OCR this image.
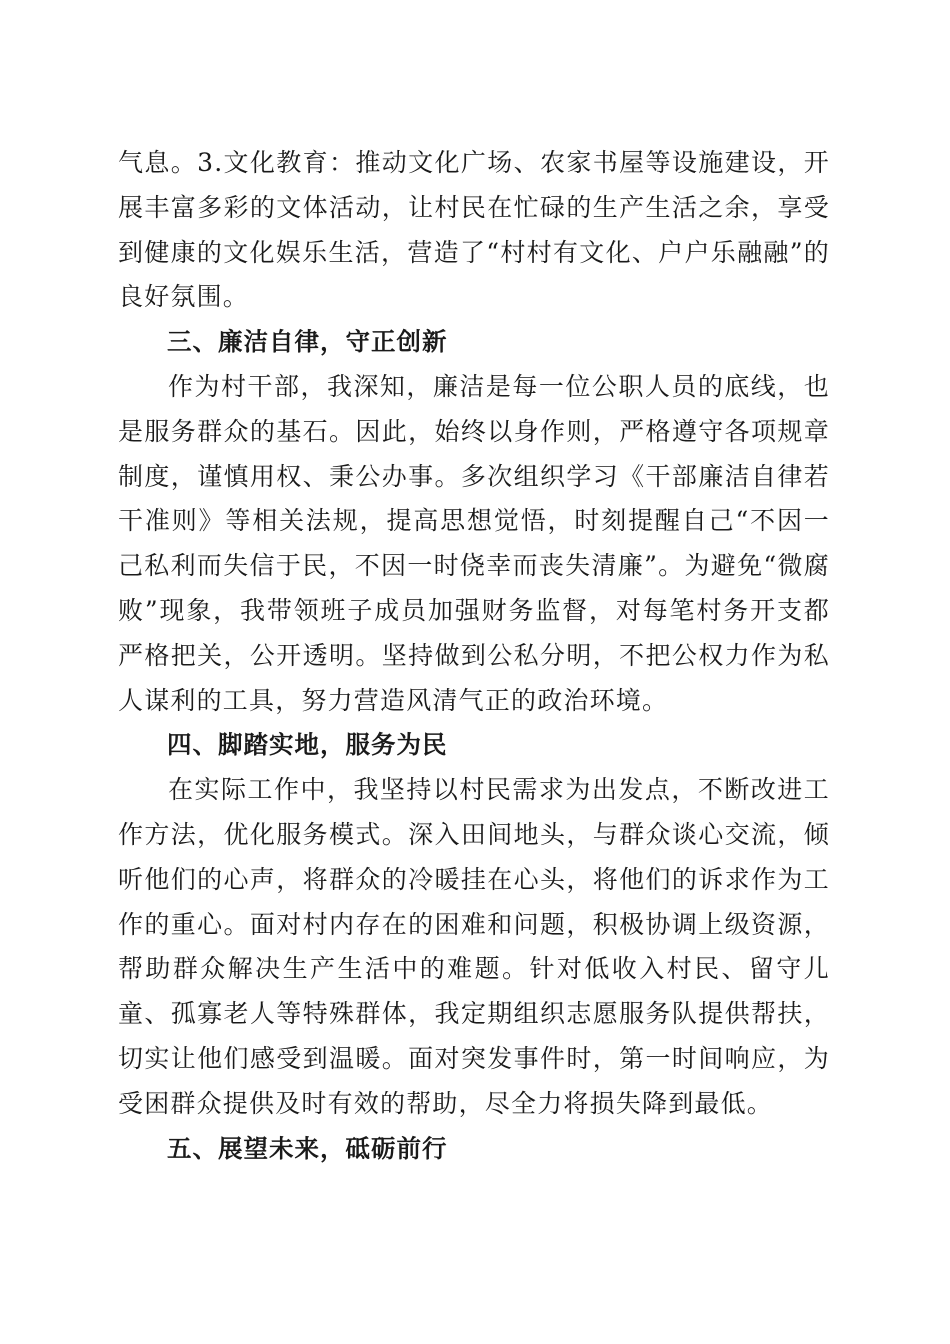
气息。3.文化教育：推动文化广场、农家书屋等设施建设，开展丰富多彩的文体活动，让村民在忙碌的生产生活之余，享受到健康的文化娱乐生活，营造了“村村有文化、户户乐融融”的良好氛围。

三、廉洁自律，守正创新

作为村干部，我深知，廉洁是每一位公职人员的底线，也是服务群众的基石。因此，始终以身作则，严格遵守各项规章制度，谨慎用权、秉公办事。多次组织学习《干部廉洁自律若干准则》等相关法规，提高思想觉悟，时刻提醒自己“不因一己私利而失信于民，不因一时侥幸而丧失清廉”。为避免“微腐败”现象，我带领班子成员加强财务监督，对每笔村务开支都严格把关，公开透明。坚持做到公私分明，不把公权力作为私人谋利的工具，努力营造风清气正的政治环境。

四、脚踏实地，服务为民

在实际工作中，我坚持以村民需求为出发点，不断改进工作方法，优化服务模式。深入田间地头，与群众谈心交流，倾听他们的心声，将群众的冷暖挂在心头，将他们的诉求作为工作的重心。面对村内存在的困难和问题，积极协调上级资源，帮助群众解决生产生活中的难题。针对低收入村民、留守儿童、孤寡老人等特殊群体，我定期组织志愿服务队提供帮扶，切实让他们感受到温暖。面对突发事件时，第一时间响应，为受困群众提供及时有效的帮助，尽全力将损失降到最低。

五、展望未来，砥砺前行
